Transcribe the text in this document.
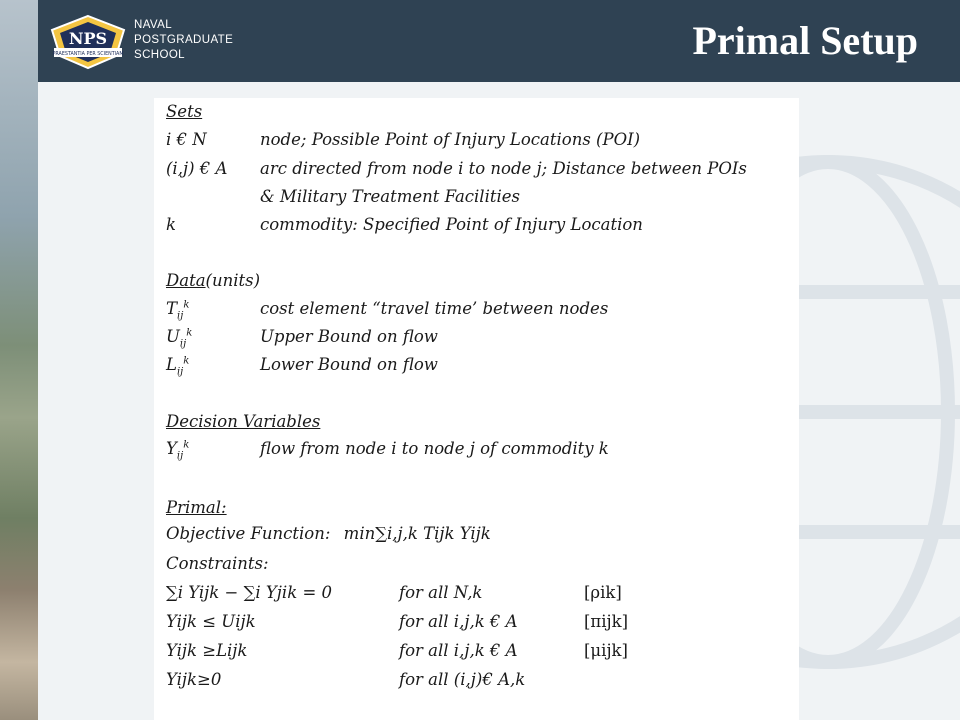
NPS
PRAESTANTIA PER SCIENTIAM
NAVAL
POSTGRADUATE
SCHOOL	Primal Setup
Sets
i € N	node; Possible Point of Injury Locations (POI)
(i,j) € A arc directed from node i to node j; Distance between POIs
& Military Treatment Facilities
k	commodity: Specified Point of Injury Location
Data(units)
$T_{ij}^k$	cost element “travel time’ between nodes
$U_{ij}^k$	Upper Bound on flow
$L_{ij}^k$	Lower Bound on flow
Decision Variables
$Y_{ij}^k$	flow from node i to node j of commodity k
Primal:
Objective Function: min∑i,j,k Tijk Yijk
Constraints:
∑i Yijk − ∑i Yjik = 0	for all N,k	[ρik]
Yijk ≤ Uijk	for all i,j,k € A	[πijk]
Yijk ≥Lijk	for all i,j,k € A	[μijk]
Yijk≥0	for all (i,j)€ A,k
